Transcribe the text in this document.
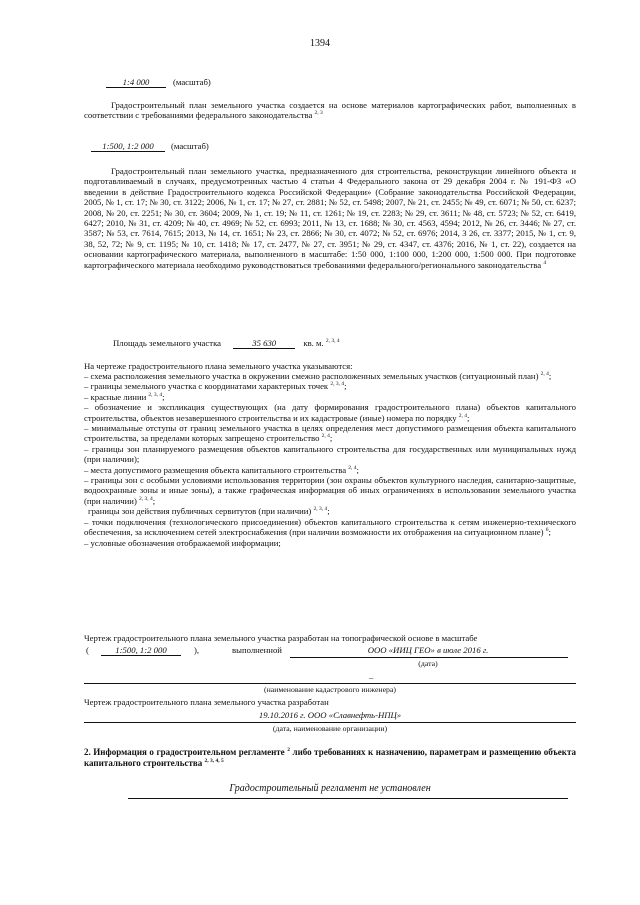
1394
1:4 000	(масштаб)
Градостроительный план земельного участка создается на основе материалов картографических работ, выполненных в соответствии с требованиями федерального законодательства $^{2, 3}$
1:500, 1:2 000	(масштаб)
Градостроительный план земельного участка, предназначенного для строительства, реконструкции линейного объекта и подготавливаемый в случаях, предусмотренных частью 4 статьи 4 Федерального закона от 29 декабря 2004 г. № 191-ФЗ «О введении в действие Градостроительного кодекса Российской Федерации» (Собрание законодательства Российской Федерации, 2005, № 1, ст. 17; № 30, ст. 3122; 2006, № 1, ст. 17; № 27, ст. 2881; № 52, ст. 5498; 2007, № 21, ст. 2455; № 49, ст. 6071; № 50, ст. 6237; 2008, № 20, ст. 2251; № 30, ст. 3604; 2009, № 1, ст. 19; № 11, ст. 1261; № 19, ст. 2283; № 29, ст. 3611; № 48, ст. 5723; № 52, ст. 6419, 6427; 2010, № 31, ст. 4209; № 40, ст. 4969; № 52, ст. 6993; 2011, № 13, ст. 1688; № 30, ст. 4563, 4594; 2012, № 26, ст. 3446; № 27, ст. 3587; № 53, ст. 7614, 7615; 2013, № 14, ст. 1651; № 23, ст. 2866; № 30, ст. 4072; № 52, ст. 6976; 2014, 3 26, ст. 3377; 2015, № 1, ст. 9, 38, 52, 72; № 9, ст. 1195; № 10, ст. 1418; № 17, ст. 2477, № 27, ст. 3951; № 29, ст. 4347, ст. 4376; 2016, № 1, ст. 22), создается на основании картографического материала, выполненного в масштабе: 1:50 000, 1:100 000, 1:200 000, 1:500 000. При подготовке картографического материала необходимо руководствоваться требованиями федерального/регионального законодательства $^4$
Площадь земельного участка	35 630	кв. м. $^{2, 3, 4}$
На чертеже градостроительного плана земельного участка указываются:
– схема расположения земельного участка в окружении смежно расположенных земельных участков (ситуационный план) $^{2, 4}$;
– границы земельного участка с координатами характерных точек $^{2, 3, 4}$;
– красные линии $^{2, 3, 4}$;
– обозначение и экспликация существующих (на дату формирования градостроительного плана) объектов капитального строительства, объектов незавершенного строительства и их кадастровые (иные) номера по порядку $^{2, 4}$;
– минимальные отступы от границ земельного участка в целях определения мест допустимого размещения объекта капитального строительства, за пределами которых запрещено строительство $^{2, 4}$;
– границы зон планируемого размещения объектов капитального строительства для государственных или муниципальных нужд (при наличии);
– места допустимого размещения объекта капитального строительства $^{2, 4}$;
– границы зон с особыми условиями использования территории (зон охраны объектов культурного наследия, санитарно-защитные, водоохранные зоны и иные зоны), а также графическая информация об иных ограничениях в использовании земельного участка (при наличии) $^{2, 3, 4}$;
границы зон действия публичных сервитутов (при наличии) $^{2, 3, 4}$;
– точки подключения (технологического присоединения) объектов капитального строительства к сетям инженерно-технического обеспечения, за исключением сетей электроснабжения (при наличии возможности их отображения на ситуационном плане) $^6$;
– условные обозначения отображаемой информации;
Чертеж градостроительного плана земельного участка разработан на топографической основе в масштабе
(	1:500, 1:2 000	),	выполненной	ООО «ИИЦ ГЕО» в июле 2016 г.
(дата)
–
(наименование кадастрового инженера)
Чертеж градостроительного плана земельного участка разработан
19.10.2016 г. ООО «Славнефть-НПЦ»
(дата, наименование организации)
2. Информация о градостроительном регламенте $^2$ либо требованиях к назначению, параметрам и размещению объекта капитального строительства $^{2, 3, 4, 5}$
Градостроительный регламент не установлен
